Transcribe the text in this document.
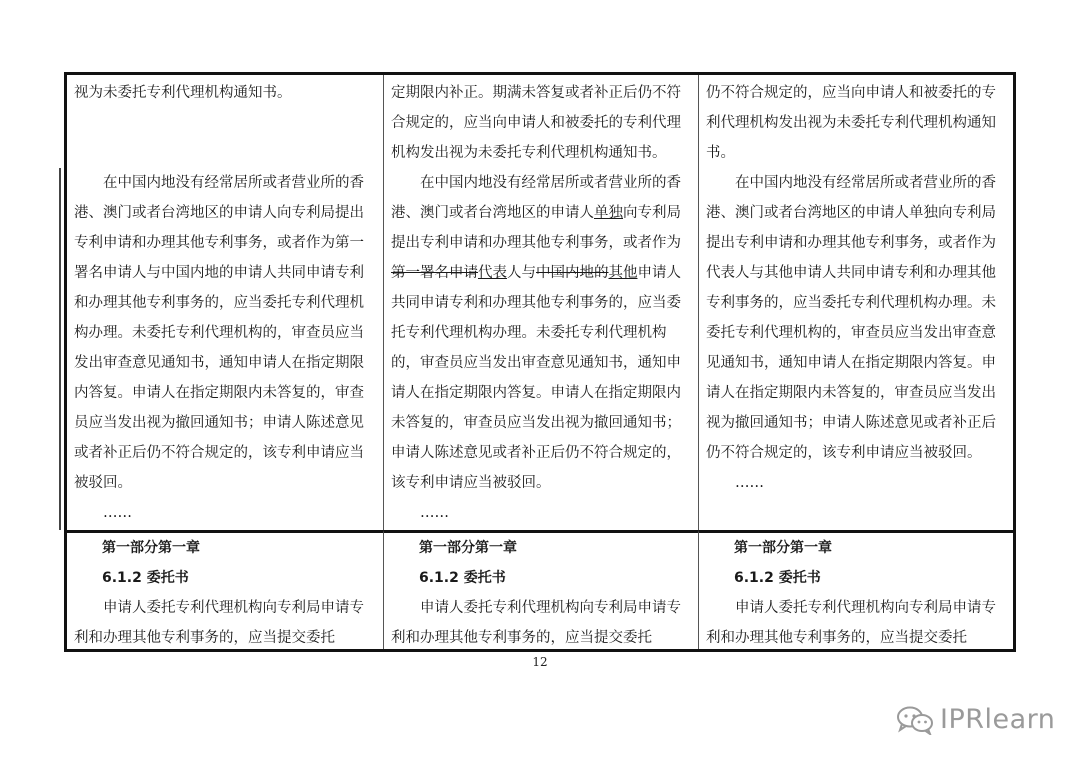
视为未委托专利代理机构通知书。

在中国内地没有经常居所或者营业所的香港、澳门或者台湾地区的申请人向专利局提出专利申请和办理其他专利事务，或者作为第一署名申请人与中国内地的申请人共同申请专利和办理其他专利事务的，应当委托专利代理机构办理。未委托专利代理机构的，审查员应当发出审查意见通知书，通知申请人在指定期限内答复。申请人在指定期限内未答复的，审查员应当发出视为撤回通知书；申请人陈述意见或者补正后仍不符合规定的，该专利申请应当被驳回。

……

定期限内补正。期满未答复或者补正后仍不符合规定的，应当向申请人和被委托的专利代理机构发出视为未委托专利代理机构通知书。

在中国内地没有经常居所或者营业所的香港、澳门或者台湾地区的申请人单独向专利局提出专利申请和办理其他专利事务，或者作为第一署名申请代表人与中国内地的其他申请人共同申请专利和办理其他专利事务的，应当委托专利代理机构办理。未委托专利代理机构的，审查员应当发出审查意见通知书，通知申请人在指定期限内答复。申请人在指定期限内未答复的，审查员应当发出视为撤回通知书；申请人陈述意见或者补正后仍不符合规定的，该专利申请应当被驳回。

……

仍不符合规定的，应当向申请人和被委托的专利代理机构发出视为未委托专利代理机构通知书。

在中国内地没有经常居所或者营业所的香港、澳门或者台湾地区的申请人单独向专利局提出专利申请和办理其他专利事务，或者作为代表人与其他申请人共同申请专利和办理其他专利事务的，应当委托专利代理机构办理。未委托专利代理机构的，审查员应当发出审查意见通知书，通知申请人在指定期限内答复。申请人在指定期限内未答复的，审查员应当发出视为撤回通知书；申请人陈述意见或者补正后仍不符合规定的，该专利申请应当被驳回。

……

第一部分第一章

6.1.2 委托书

申请人委托专利代理机构向专利局申请专利和办理其他专利事务的，应当提交委托

第一部分第一章

6.1.2 委托书

申请人委托专利代理机构向专利局申请专利和办理其他专利事务的，应当提交委托

第一部分第一章

6.1.2 委托书

申请人委托专利代理机构向专利局申请专利和办理其他专利事务的，应当提交委托

12
IPRlearn
